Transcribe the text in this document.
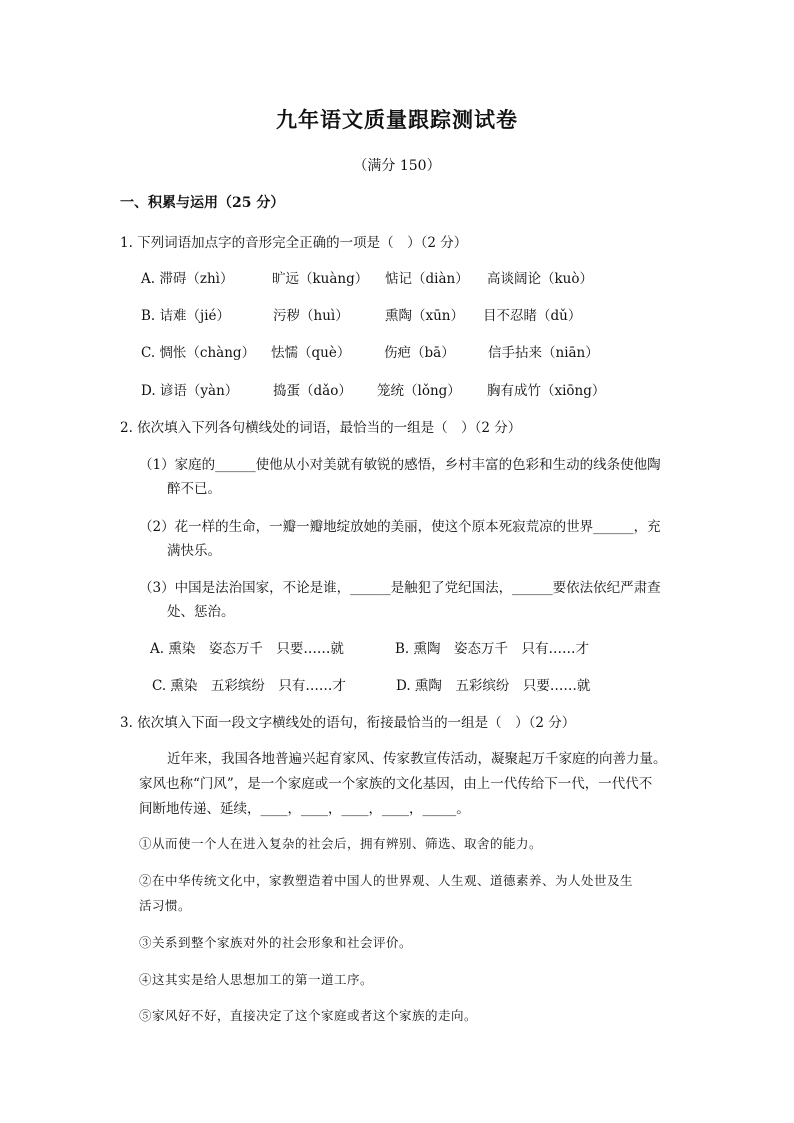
九年语文质量跟踪测试卷
（满分 150）
一、积累与运用（25 分）
1. 下列词语加点字的音形完全正确的一项是（　）（2 分）
A. 滞碍（zhì）	旷远（kuàng） 惦记（diàn） 高谈阔论（kuò）
B. 诘难（jié）	污秽（huì）	熏陶（xūn） 目不忍睹（dǔ）
C. 惆怅（chàng） 怯懦（què） 伤疤（bā） 信手拈来（niān）
D. 谚语（yàn）	捣蛋（dǎo） 笼统（lǒng） 胸有成竹（xiōng）
2. 依次填入下列各句横线处的词语，最恰当的一组是（　）（2 分）
（1）家庭的______使他从小对美就有敏锐的感悟，乡村丰富的色彩和生动的线条使他陶
醉不已。
（2）花一样的生命，一瓣一瓣地绽放她的美丽，使这个原本死寂荒凉的世界______，充
满快乐。
（3）中国是法治国家，不论是谁，______是触犯了党纪国法，______要依法依纪严肃查
处、惩治。
A. 熏染　姿态万千　只要……就	B. 熏陶　姿态万千　只有……才
C. 熏染　五彩缤纷　只有……才	D. 熏陶　五彩缤纷　只要……就
3. 依次填入下面一段文字横线处的语句，衔接最恰当的一组是（　）（2 分）
近年来，我国各地普遍兴起育家风、传家教宣传活动，凝聚起万千家庭的向善力量。
家风也称“门风”，是一个家庭或一个家族的文化基因，由上一代传给下一代，一代代不
间断地传递、延续，____，____，____，____，_____。
①从而使一个人在进入复杂的社会后，拥有辨别、筛选、取舍的能力。
②在中华传统文化中，家教塑造着中国人的世界观、人生观、道德素养、为人处世及生
活习惯。
③关系到整个家族对外的社会形象和社会评价。
④这其实是给人思想加工的第一道工序。
⑤家风好不好，直接决定了这个家庭或者这个家族的走向。
